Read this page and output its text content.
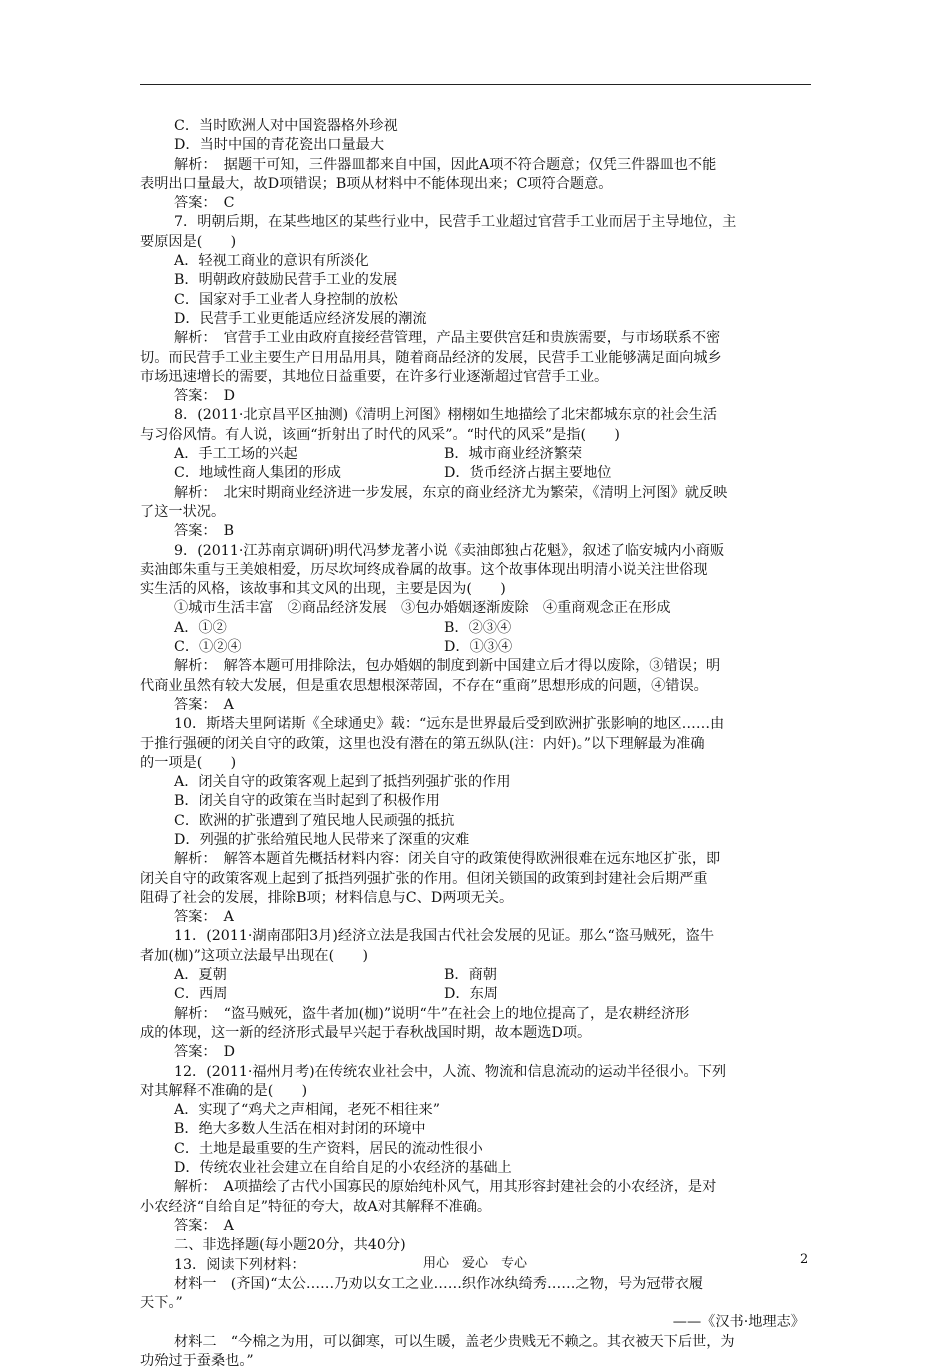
C．当时欧洲人对中国瓷器格外珍视

D．当时中国的青花瓷出口量最大

解析：　据题干可知，三件器皿都来自中国，因此A项不符合题意；仅凭三件器皿也不能

表明出口量最大，故D项错误；B项从材料中不能体现出来；C项符合题意。

答案：　C

7．明朝后期，在某些地区的某些行业中，民营手工业超过官营手工业而居于主导地位，主

要原因是(　　)

A．轻视工商业的意识有所淡化

B．明朝政府鼓励民营手工业的发展

C．国家对手工业者人身控制的放松

D．民营手工业更能适应经济发展的潮流

解析：　官营手工业由政府直接经营管理，产品主要供宫廷和贵族需要，与市场联系不密

切。而民营手工业主要生产日用品用具，随着商品经济的发展，民营手工业能够满足面向城乡

市场迅速增长的需要，其地位日益重要，在许多行业逐渐超过官营手工业。

答案：　D

8．(2011·北京昌平区抽测)《清明上河图》栩栩如生地描绘了北宋都城东京的社会生活

与习俗风情。有人说，该画“折射出了时代的风采”。“时代的风采”是指(　　)

A．手工工场的兴起	B．城市商业经济繁荣

C．地域性商人集团的形成	D．货币经济占据主要地位

解析：　北宋时期商业经济进一步发展，东京的商业经济尤为繁荣，《清明上河图》就反映

了这一状况。

答案：　B

9．(2011·江苏南京调研)明代冯梦龙著小说《卖油郎独占花魁》，叙述了临安城内小商贩

卖油郎朱重与王美娘相爱，历尽坎坷终成眷属的故事。这个故事体现出明清小说关注世俗现

实生活的风格，该故事和其文风的出现，主要是因为(　　)

①城市生活丰富　②商品经济发展　③包办婚姻逐渐废除　④重商观念正在形成

A．①②	B．②③④

C．①②④	D．①③④

解析：　解答本题可用排除法，包办婚姻的制度到新中国建立后才得以废除，③错误；明

代商业虽然有较大发展，但是重农思想根深蒂固，不存在“重商”思想形成的问题，④错误。

答案：　A

10．斯塔夫里阿诺斯《全球通史》载：“远东是世界最后受到欧洲扩张影响的地区……由

于推行强硬的闭关自守的政策，这里也没有潜在的第五纵队(注：内奸)。”以下理解最为准确

的一项是(　　)

A．闭关自守的政策客观上起到了抵挡列强扩张的作用

B．闭关自守的政策在当时起到了积极作用

C．欧洲的扩张遭到了殖民地人民顽强的抵抗

D．列强的扩张给殖民地人民带来了深重的灾难

解析：　解答本题首先概括材料内容：闭关自守的政策使得欧洲很难在远东地区扩张，即

闭关自守的政策客观上起到了抵挡列强扩张的作用。但闭关锁国的政策到封建社会后期严重

阻碍了社会的发展，排除B项；材料信息与C、D两项无关。

答案：　A

11．(2011·湖南邵阳3月)经济立法是我国古代社会发展的见证。那么“盗马贼死，盗牛

者加(枷)”这项立法最早出现在(　　)

A．夏朝	B．商朝

C．西周	D．东周

解析：　“盗马贼死，盗牛者加(枷)”说明“牛”在社会上的地位提高了，是农耕经济形

成的体现，这一新的经济形式最早兴起于春秋战国时期，故本题选D项。

答案：　D

12．(2011·福州月考)在传统农业社会中，人流、物流和信息流动的运动半径很小。下列

对其解释不准确的是(　　)

A．实现了“鸡犬之声相闻，老死不相往来”

B．绝大多数人生活在相对封闭的环境中

C．土地是最重要的生产资料，居民的流动性很小

D．传统农业社会建立在自给自足的小农经济的基础上

解析：　A项描绘了古代小国寡民的原始纯朴风气，用其形容封建社会的小农经济，是对

小农经济“自给自足”特征的夸大，故A对其解释不准确。

答案：　A

二、非选择题(每小题20分，共40分)

13．阅读下列材料：

材料一　(齐国)“太公……乃劝以女工之业……织作冰纨绮秀……之物，号为冠带衣履

天下。”

——《汉书·地理志》

材料二　“今棉之为用，可以御寒，可以生暖，盖老少贵贱无不赖之。其衣被天下后世，为

功殆过于蚕桑也。”

用心　爱心　专心	2
